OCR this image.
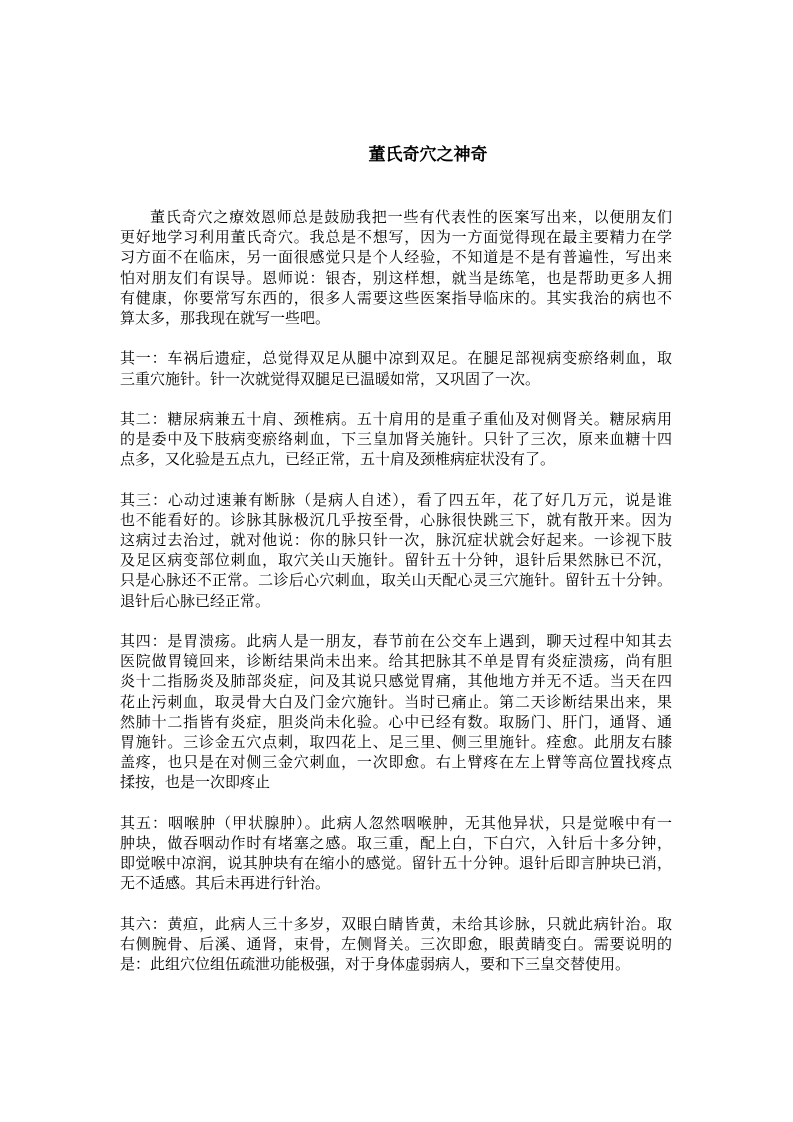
董氏奇穴之神奇
董氏奇穴之療效恩师总是鼓励我把一些有代表性的医案写出来，以便朋友们
更好地学习利用董氏奇穴。我总是不想写，因为一方面觉得现在最主要精力在学
习方面不在临床，另一面很感觉只是个人经验，不知道是不是有普遍性，写出来
怕对朋友们有误导。恩师说：银杏，别这样想，就当是练笔，也是帮助更多人拥
有健康，你要常写东西的，很多人需要这些医案指导临床的。其实我治的病也不
算太多，那我现在就写一些吧。
其一：车祸后遗症，总觉得双足从腿中凉到双足。在腿足部视病变瘀络刺血，取
三重穴施针。针一次就觉得双腿足已温暖如常，又巩固了一次。
其二：糖尿病兼五十肩、颈椎病。五十肩用的是重子重仙及对侧肾关。糖尿病用
的是委中及下肢病变瘀络刺血，下三皇加肾关施针。只针了三次，原来血糖十四
点多，又化验是五点九，已经正常，五十肩及颈椎病症状没有了。
其三：心动过速兼有断脉（是病人自述），看了四五年，花了好几万元，说是谁
也不能看好的。诊脉其脉极沉几乎按至骨，心脉很快跳三下，就有散开来。因为
这病过去治过，就对他说：你的脉只针一次，脉沉症状就会好起来。一诊视下肢
及足区病变部位刺血，取穴关山天施针。留针五十分钟，退针后果然脉已不沉，
只是心脉还不正常。二诊后心穴刺血，取关山天配心灵三穴施针。留针五十分钟。
退针后心脉已经正常。
其四：是胃溃疡。此病人是一朋友，春节前在公交车上遇到，聊天过程中知其去
医院做胃镜回来，诊断结果尚未出来。给其把脉其不单是胃有炎症溃疡，尚有胆
炎十二指肠炎及肺部炎症，问及其说只感觉胃痛，其他地方并无不适。当天在四
花止污刺血，取灵骨大白及门金穴施针。当时已痛止。第二天诊断结果出来，果
然肺十二指皆有炎症，胆炎尚未化验。心中已经有数。取肠门、肝门，通肾、通
胃施针。三诊金五穴点刺，取四花上、足三里、侧三里施针。痊愈。此朋友右膝
盖疼，也只是在对侧三金穴刺血，一次即愈。右上臂疼在左上臂等高位置找疼点
揉按，也是一次即疼止
其五：咽喉肿（甲状腺肿）。此病人忽然咽喉肿，无其他异状，只是觉喉中有一
肿块，做吞咽动作时有堵塞之感。取三重，配上白，下白穴，入针后十多分钟，
即觉喉中凉润，说其肿块有在缩小的感觉。留针五十分钟。退针后即言肿块已消，
无不适感。其后未再进行针治。
其六：黄疸，此病人三十多岁，双眼白睛皆黄，未给其诊脉，只就此病针治。取
右侧腕骨、后溪、通肾，束骨，左侧肾关。三次即愈，眼黄睛变白。需要说明的
是：此组穴位组伍疏泄功能极强，对于身体虚弱病人，要和下三皇交替使用。
